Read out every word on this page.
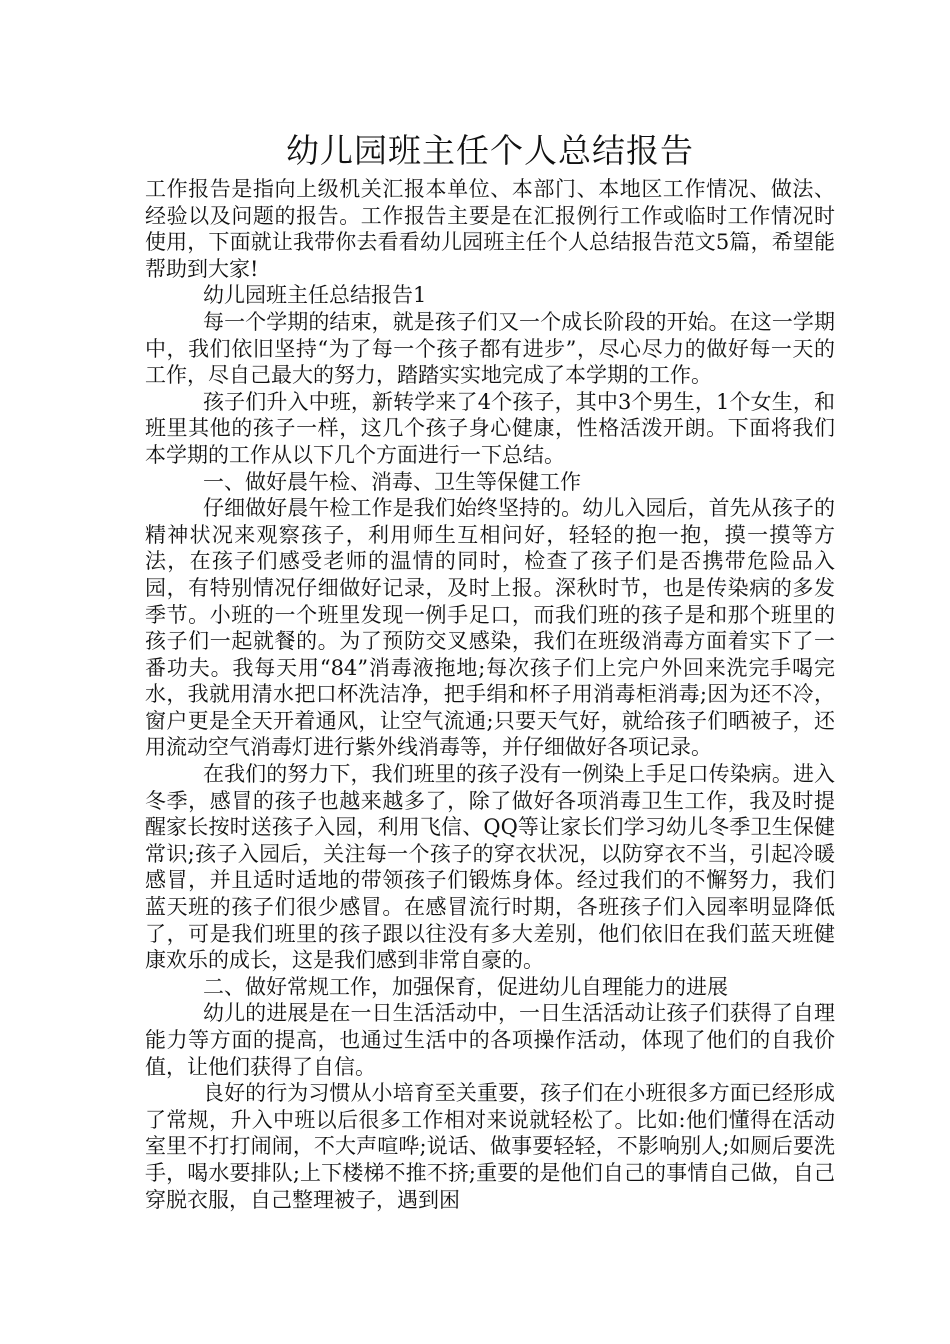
幼儿园班主任个人总结报告

工作报告是指向上级机关汇报本单位、本部门、本地区工作情况、做法、经验以及问题的报告。工作报告主要是在汇报例行工作或临时工作情况时使用，下面就让我带你去看看幼儿园班主任个人总结报告范文5篇，希望能帮助到大家!

幼儿园班主任总结报告1

每一个学期的结束，就是孩子们又一个成长阶段的开始。在这一学期中，我们依旧坚持“为了每一个孩子都有进步”，尽心尽力的做好每一天的工作，尽自己最大的努力，踏踏实实地完成了本学期的工作。

孩子们升入中班，新转学来了4个孩子，其中3个男生，1个女生，和班里其他的孩子一样，这几个孩子身心健康，性格活泼开朗。下面将我们本学期的工作从以下几个方面进行一下总结。

一、做好晨午检、消毒、卫生等保健工作

仔细做好晨午检工作是我们始终坚持的。幼儿入园后，首先从孩子的精神状况来观察孩子，利用师生互相问好，轻轻的抱一抱，摸一摸等方法，在孩子们感受老师的温情的同时，检查了孩子们是否携带危险品入园，有特别情况仔细做好记录，及时上报。深秋时节，也是传染病的多发季节。小班的一个班里发现一例手足口，而我们班的孩子是和那个班里的孩子们一起就餐的。为了预防交叉感染，我们在班级消毒方面着实下了一番功夫。我每天用“84”消毒液拖地;每次孩子们上完户外回来洗完手喝完水，我就用清水把口杯洗洁净，把手绢和杯子用消毒柜消毒;因为还不冷，窗户更是全天开着通风，让空气流通;只要天气好，就给孩子们晒被子，还用流动空气消毒灯进行紫外线消毒等，并仔细做好各项记录。

在我们的努力下，我们班里的孩子没有一例染上手足口传染病。进入冬季，感冒的孩子也越来越多了，除了做好各项消毒卫生工作，我及时提醒家长按时送孩子入园，利用飞信、QQ等让家长们学习幼儿冬季卫生保健常识;孩子入园后，关注每一个孩子的穿衣状况，以防穿衣不当，引起冷暖感冒，并且适时适地的带领孩子们锻炼身体。经过我们的不懈努力，我们蓝天班的孩子们很少感冒。在感冒流行时期，各班孩子们入园率明显降低了，可是我们班里的孩子跟以往没有多大差别，他们依旧在我们蓝天班健康欢乐的成长，这是我们感到非常自豪的。

二、做好常规工作，加强保育，促进幼儿自理能力的进展

幼儿的进展是在一日生活活动中，一日生活活动让孩子们获得了自理能力等方面的提高，也通过生活中的各项操作活动，体现了他们的自我价值，让他们获得了自信。

良好的行为习惯从小培育至关重要，孩子们在小班很多方面已经形成了常规，升入中班以后很多工作相对来说就轻松了。比如:他们懂得在活动室里不打打闹闹，不大声喧哗;说话、做事要轻轻，不影响别人;如厕后要洗手，喝水要排队;上下楼梯不推不挤;重要的是他们自己的事情自己做，自己穿脱衣服，自己整理被子，遇到困
